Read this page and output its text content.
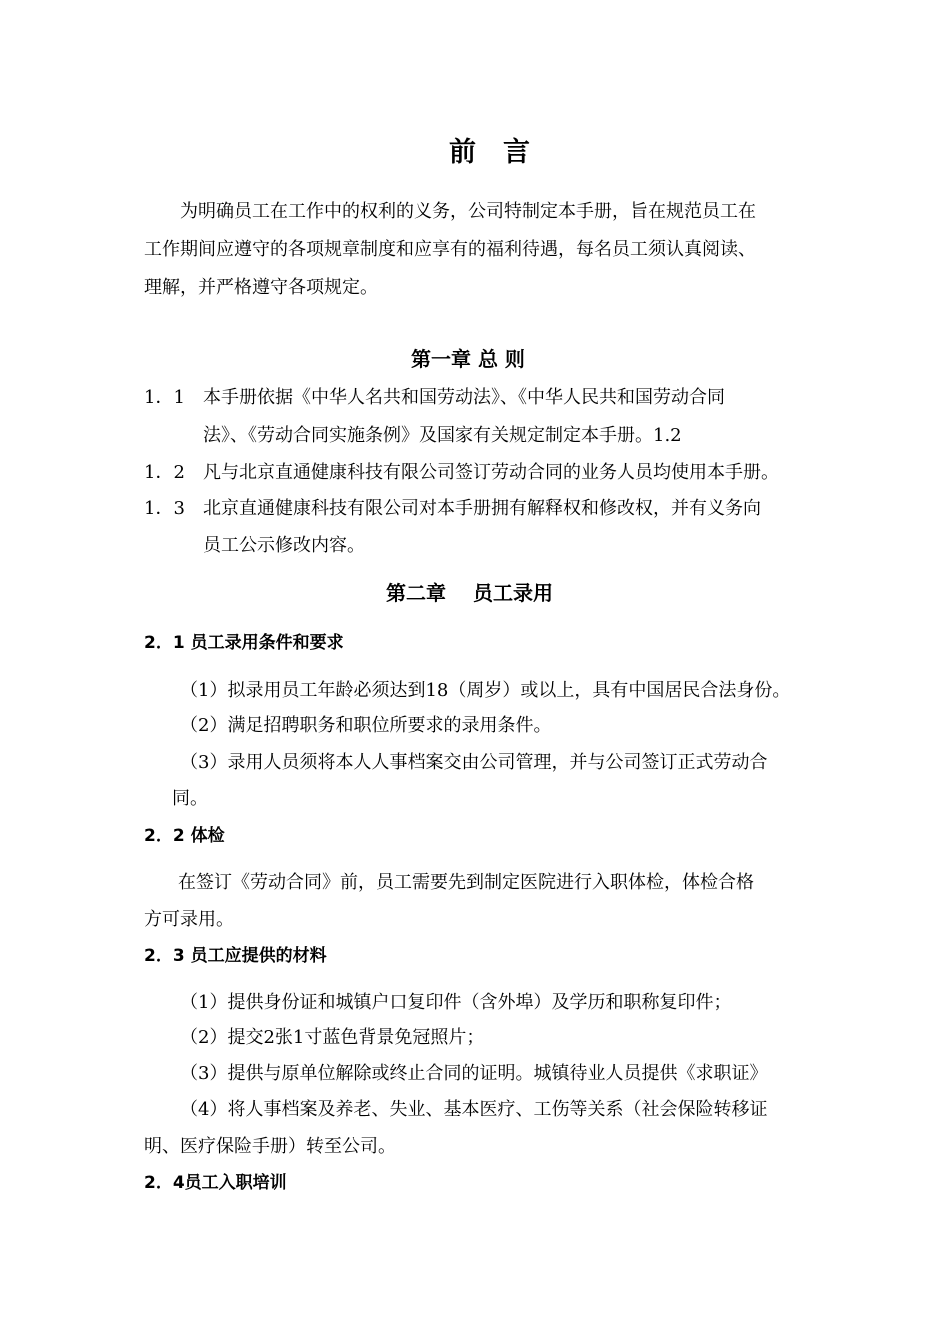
前　言
为明确员工在工作中的权利的义务，公司特制定本手册，旨在规范员工在
工作期间应遵守的各项规章制度和应享有的福利待遇，每名员工须认真阅读、
理解，并严格遵守各项规定。
第一章 总 则
1．1 本手册依据《中华人名共和国劳动法》、《中华人民共和国劳动合同
法》、《劳动合同实施条例》及国家有关规定制定本手册。1.2
1．2 凡与北京直通健康科技有限公司签订劳动合同的业务人员均使用本手册。
1．3 北京直通健康科技有限公司对本手册拥有解释权和修改权，并有义务向
员工公示修改内容。
第二章　 员工录用
2．1 员工录用条件和要求
（1）拟录用员工年龄必须达到18（周岁）或以上，具有中国居民合法身份。
（2）满足招聘职务和职位所要求的录用条件。
（3）录用人员须将本人人事档案交由公司管理，并与公司签订正式劳动合
同。
2．2 体检
在签订《劳动合同》前，员工需要先到制定医院进行入职体检，体检合格
方可录用。
2．3 员工应提供的材料
（1）提供身份证和城镇户口复印件（含外埠）及学历和职称复印件；
（2）提交2张1寸蓝色背景免冠照片；
（3）提供与原单位解除或终止合同的证明。城镇待业人员提供《求职证》
（4）将人事档案及养老、失业、基本医疗、工伤等关系（社会保险转移证
明、医疗保险手册）转至公司。
2．4员工入职培训
